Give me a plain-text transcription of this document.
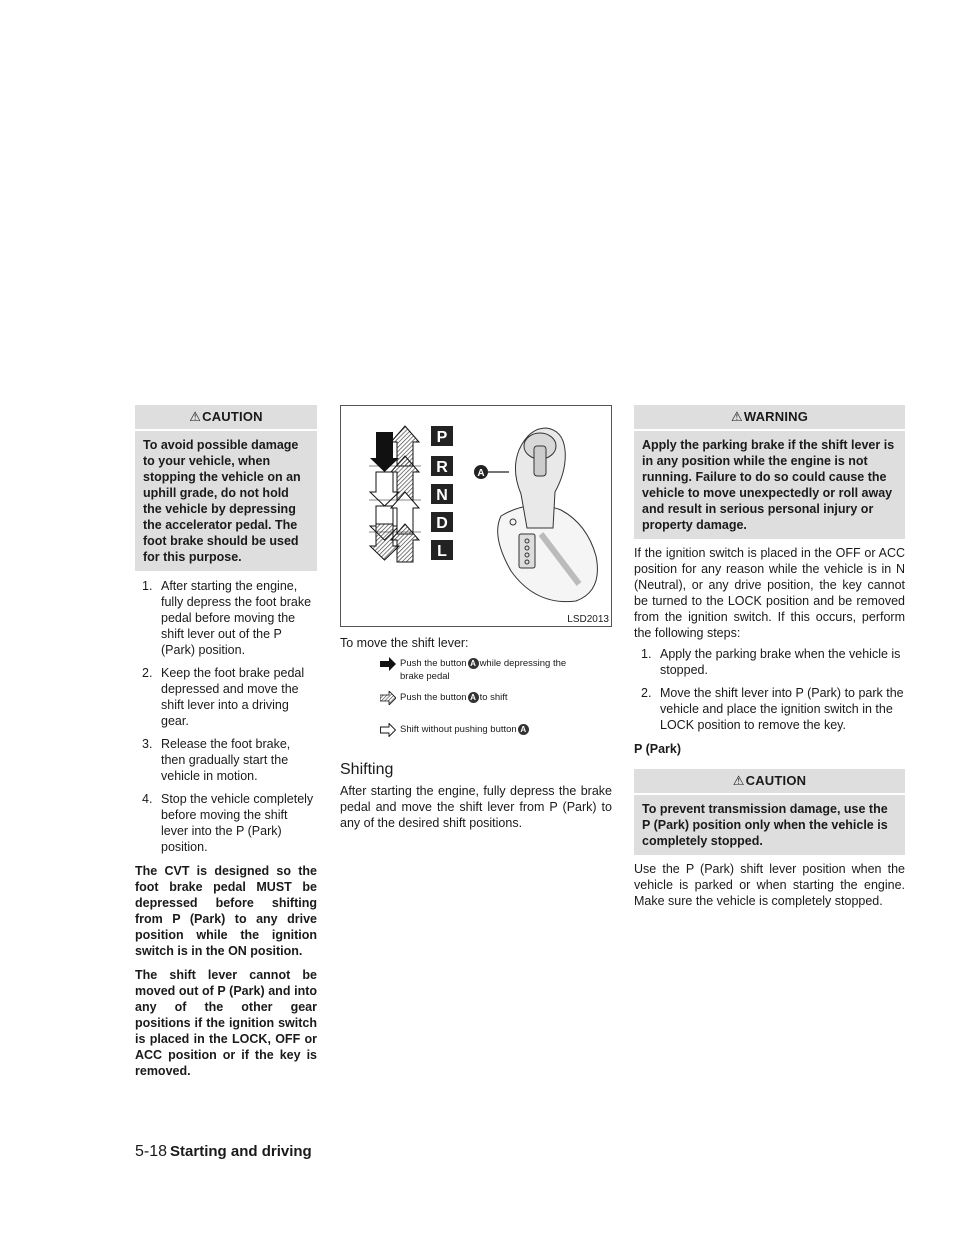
⚠CAUTION
To avoid possible damage to your vehicle, when stopping the vehicle on an uphill grade, do not hold the vehicle by depressing the accelerator pedal. The foot brake should be used for this purpose.
1. After starting the engine, fully depress the foot brake pedal before moving the shift lever out of the P (Park) position.
2. Keep the foot brake pedal depressed and move the shift lever into a driving gear.
3. Release the foot brake, then gradually start the vehicle in motion.
4. Stop the vehicle completely before moving the shift lever into the P (Park) position.

The CVT is designed so the foot brake pedal MUST be depressed before shifting from P (Park) to any drive position while the ignition switch is in the ON position.

The shift lever cannot be moved out of P (Park) and into any of the other gear positions if the ignition switch is placed in the LOCK, OFF or ACC position or if the key is removed.

P
R
N
D
L
A
LSD2013

To move the shift lever:

Push the button A while depressing the
brake pedal
Push the button A to shift
Shift without pushing button A
Shifting

After starting the engine, fully depress the brake pedal and move the shift lever from P (Park) to any of the desired shift positions.

⚠WARNING
Apply the parking brake if the shift lever is in any position while the engine is not running. Failure to do so could cause the vehicle to move unexpectedly or roll away and result in serious personal injury or property damage.

If the ignition switch is placed in the OFF or ACC position for any reason while the vehicle is in N (Neutral), or any drive position, the key cannot be turned to the LOCK position and be removed from the ignition switch. If this occurs, perform the following steps:

1. Apply the parking brake when the vehicle is stopped.
2. Move the shift lever into P (Park) to park the vehicle and place the ignition switch in the LOCK position to remove the key.

P (Park)

⚠CAUTION
To prevent transmission damage, use the P (Park) position only when the vehicle is completely stopped.

Use the P (Park) shift lever position when the vehicle is parked or when starting the engine. Make sure the vehicle is completely stopped.

5-18 Starting and driving
